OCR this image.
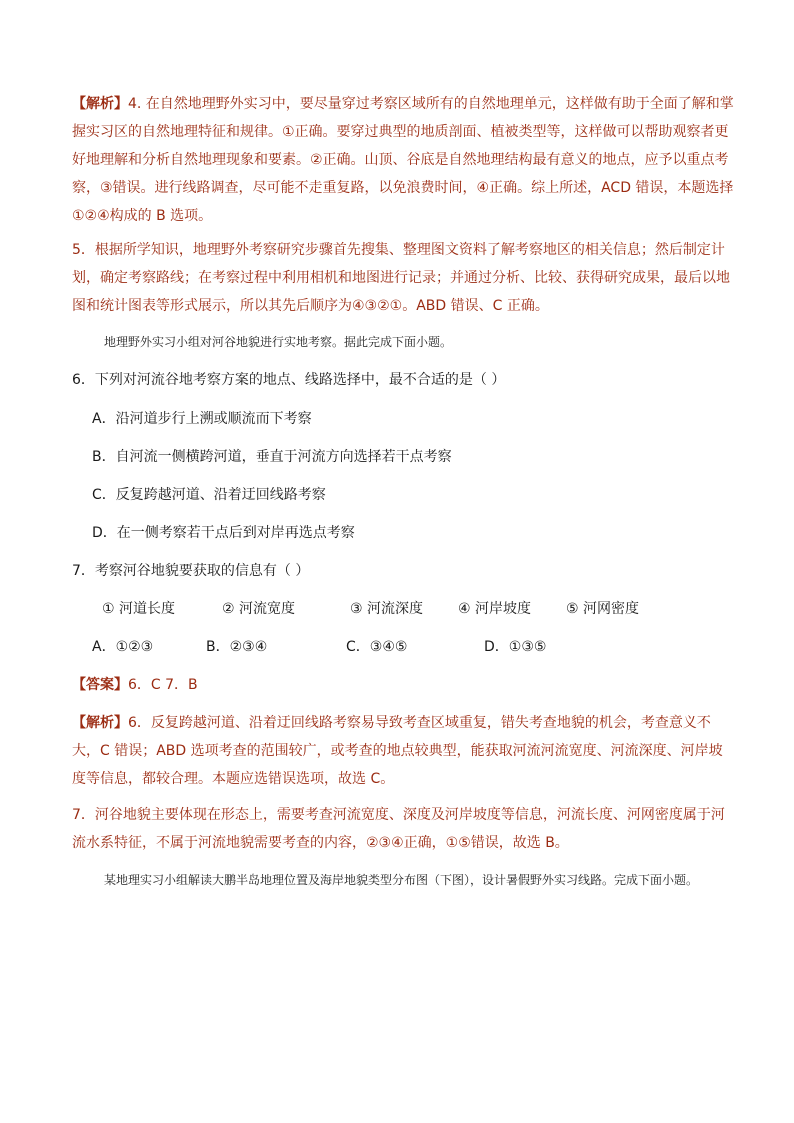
【解析】4. 在自然地理野外实习中，要尽量穿过考察区域所有的自然地理单元，这样做有助于全面了解和掌握实习区的自然地理特征和规律。①正确。要穿过典型的地质剖面、植被类型等，这样做可以帮助观察者更好地理解和分析自然地理现象和要素。②正确。山顶、谷底是自然地理结构最有意义的地点，应予以重点考察，③错误。进行线路调查，尽可能不走重复路，以免浪费时间，④正确。综上所述，ACD 错误，本题选择①②④构成的 B 选项。

5．根据所学知识，地理野外考察研究步骤首先搜集、整理图文资料了解考察地区的相关信息；然后制定计划，确定考察路线；在考察过程中利用相机和地图进行记录；并通过分析、比较、获得研究成果，最后以地图和统计图表等形式展示，所以其先后顺序为④③②①。ABD 错误、C 正确。

地理野外实习小组对河谷地貌进行实地考察。据此完成下面小题。

6．下列对河流谷地考察方案的地点、线路选择中，最不合适的是（ ）

A．沿河道步行上溯或顺流而下考察

B．自河流一侧横跨河道，垂直于河流方向选择若干点考察

C．反复跨越河道、沿着迂回线路考察

D．在一侧考察若干点后到对岸再选点考察

7．考察河谷地貌要获取的信息有（ ）

① 河道长度	② 河流宽度	③ 河流深度 ④ 河岸坡度 ⑤ 河网密度

A．①②③	B．②③④	C．③④⑤	D．①③⑤

【答案】6．C 7．B

【解析】6．反复跨越河道、沿着迂回线路考察易导致考查区域重复，错失考查地貌的机会，考查意义不大，C 错误；ABD 选项考查的范围较广，或考查的地点较典型，能获取河流河流宽度、河流深度、河岸坡度等信息，都较合理。本题应选错误选项，故选 C。

7．河谷地貌主要体现在形态上，需要考查河流宽度、深度及河岸坡度等信息，河流长度、河网密度属于河流水系特征，不属于河流地貌需要考查的内容，②③④正确，①⑤错误，故选 B。

某地理实习小组解读大鹏半岛地理位置及海岸地貌类型分布图（下图），设计暑假野外实习线路。完成下面小题。
